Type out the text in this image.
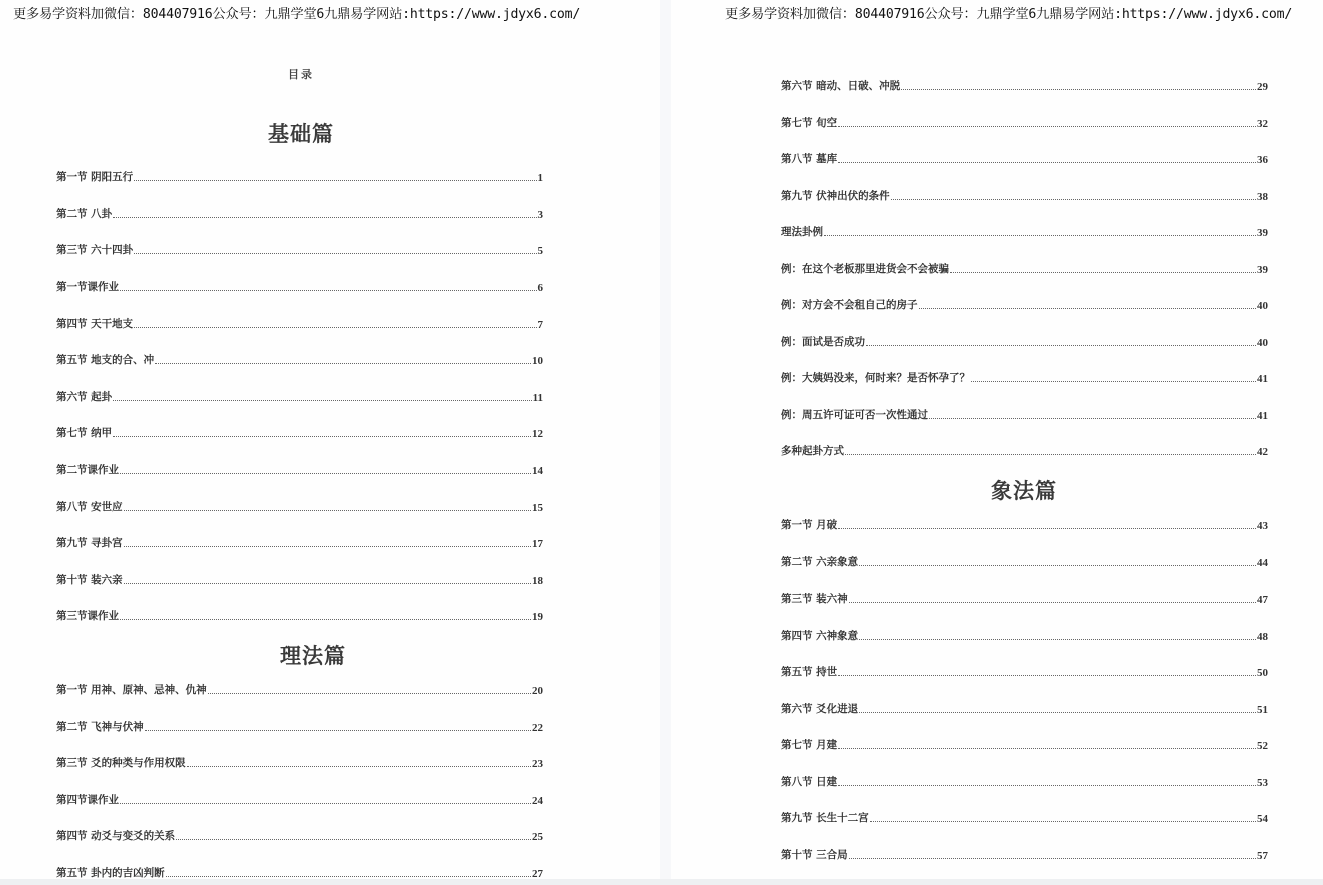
更多易学资料加微信：804407916公众号：九鼎学堂6九鼎易学网站:https://www.jdyx6.com/
目录
基础篇
第一节 阴阳五行	1
第二节 八卦	3
第三节 六十四卦	5
第一节课作业	6
第四节 天干地支	7
第五节 地支的合、冲	10
第六节 起卦	11
第七节 纳甲	12
第二节课作业	14
第八节 安世应	15
第九节 寻卦宫	17
第十节 装六亲	18
第三节课作业	19
理法篇
第一节 用神、原神、忌神、仇神	20
第二节 飞神与伏神	22
第三节 爻的种类与作用权限	23
第四节课作业	24
第四节 动爻与变爻的关系	25
第五节 卦内的吉凶判断	27
更多易学资料加微信：804407916公众号：九鼎学堂6九鼎易学网站:https://www.jdyx6.com/
第六节 暗动、日破、冲脱	29
第七节 旬空	32
第八节 墓库	36
第九节 伏神出伏的条件	38
理法卦例	39
例：在这个老板那里进货会不会被骗	39
例：对方会不会租自己的房子	40
例：面试是否成功	40
例：大姨妈没来，何时来？是否怀孕了？	41
例：周五许可证可否一次性通过	41
多种起卦方式	42
象法篇
第一节 月破	43
第二节 六亲象意	44
第三节 装六神	47
第四节 六神象意	48
第五节 持世	50
第六节 爻化进退	51
第七节 月建	52
第八节 日建	53
第九节 长生十二宫	54
第十节 三合局	57
